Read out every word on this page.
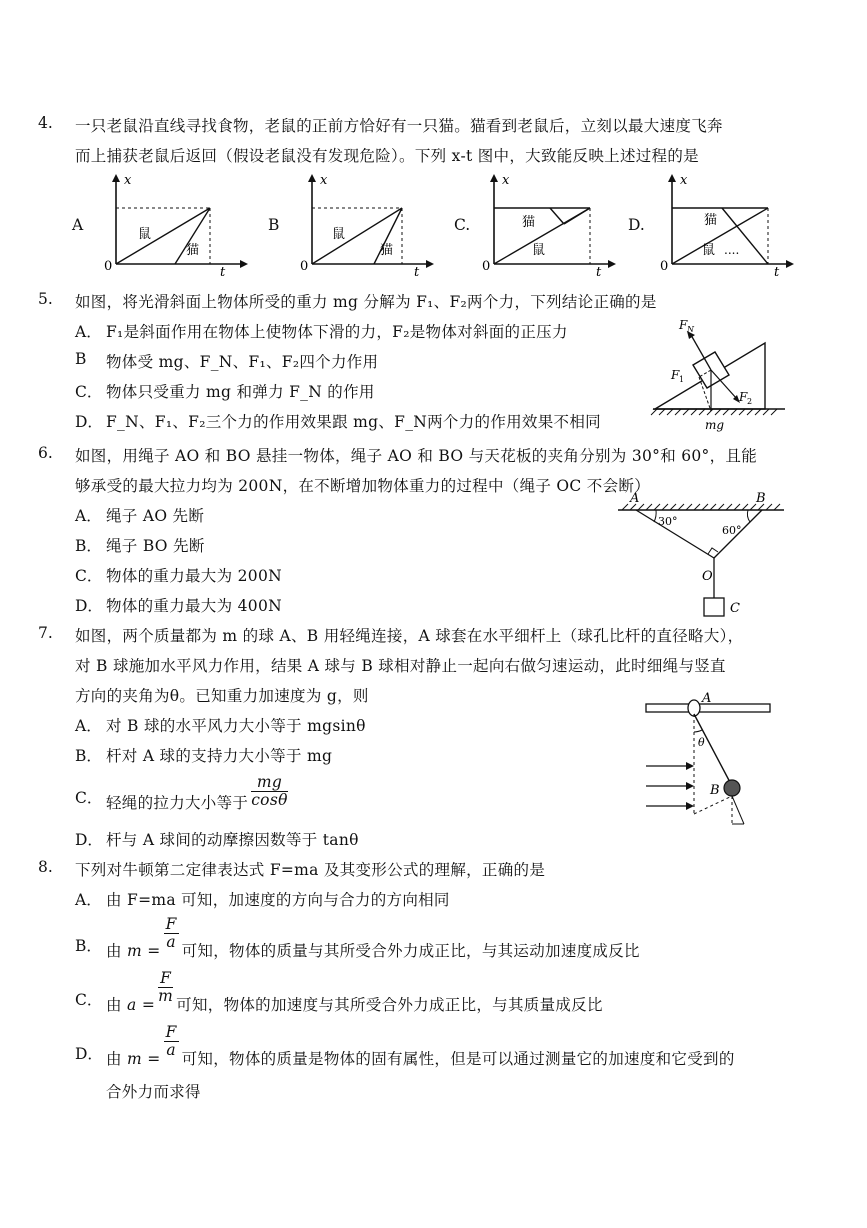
4. 一只老鼠沿直线寻找食物，老鼠的正前方恰好有一只猫。猫看到老鼠后，立刻以最大速度飞奔
而上捕获老鼠后返回（假设老鼠没有发现危险）。下列 x-t 图中，大致能反映上述过程的是
A
x
0	t
鼠
猫
B
x
0	t
鼠
猫
C.
x
0	t
猫
鼠
D.
x
0	t
猫
鼠 ....
5. 如图，将光滑斜面上物体所受的重力 mg 分解为 F₁、F₂两个力，下列结论正确的是
A． F₁是斜面作用在物体上使物体下滑的力，F₂是物体对斜面的正压力
B 物体受 mg、F_N、F₁、F₂四个力作用
C． 物体只受重力 mg 和弹力 F_N 的作用
D． F_N、F₁、F₂三个力的作用效果跟 mg、F_N两个力的作用效果不相同
F N
F 1
F 2
mg
6. 如图，用绳子 AO 和 BO 悬挂一物体，绳子 AO 和 BO 与天花板的夹角分别为 30°和 60°，且能
够承受的最大拉力均为 200N，在不断增加物体重力的过程中（绳子 OC 不会断）
A． 绳子 AO 先断
B． 绳子 BO 先断
C． 物体的重力最大为 200N
D． 物体的重力最大为 400N
A	B
30°
60°
O
C
7. 如图，两个质量都为 m 的球 A、B 用轻绳连接，A 球套在水平细杆上（球孔比杆的直径略大），
对 B 球施加水平风力作用，结果 A 球与 B 球相对静止一起向右做匀速运动，此时细绳与竖直
方向的夹角为θ。已知重力加速度为 g，则
A． 对 B 球的水平风力大小等于 mgsinθ
B． 杆对 A 球的支持力大小等于 mg
C． 轻绳的拉力大小等于 $\frac{mg}{\cos\theta}$
D． 杆与 A 球间的动摩擦因数等于 tanθ
A
θ
B
8. 下列对牛顿第二定律表达式 F=ma 及其变形公式的理解，正确的是
A． 由 F=ma 可知，加速度的方向与合力的方向相同
B． 由 $m = \frac{F}{a}$ 可知，物体的质量与其所受合外力成正比，与其运动加速度成反比
C． 由 $a = \frac{F}{m}$ 可知，物体的加速度与其所受合外力成正比，与其质量成反比
D． 由 $m = \frac{F}{a}$ 可知，物体的质量是物体的固有属性，但是可以通过测量它的加速度和它受到的
合外力而求得
